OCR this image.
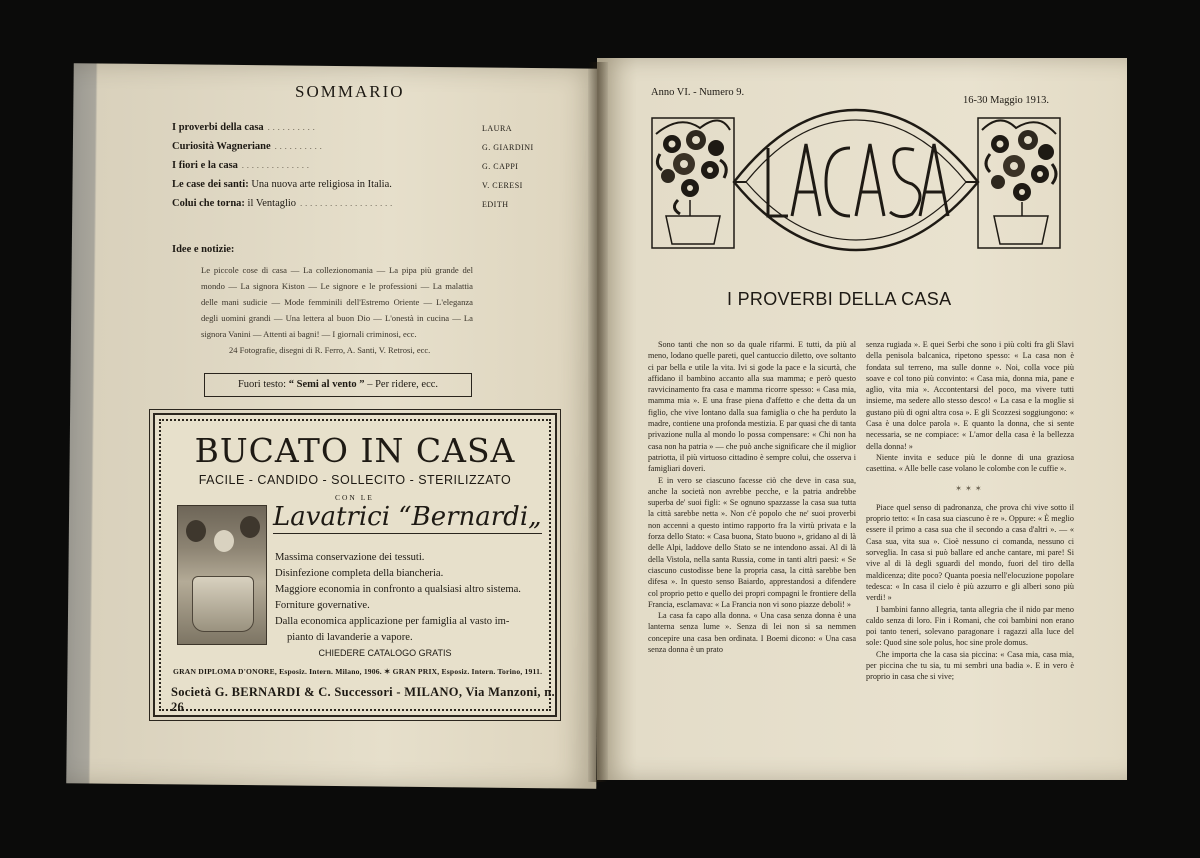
SOMMARIO
I proverbi della casa ..........	LAURA
Curiosità Wagneriane ..........	G. GIARDINI
I fiori e la casa ..............	G. CAPPI
Le case dei santi: Una nuova arte religiosa in Italia.	V. CERESI
Colui che torna: il Ventaglio ...................	EDITH
Idee e notizie:
Le piccole cose di casa — La collezionomania — La pipa più grande del mondo — La signora Kiston — Le signore e le professioni — La malattia delle mani sudicie — Mode femminili dell'Estremo Oriente — L'eleganza degli uomini grandi — Una lettera al buon Dio — L'onestà in cucina — La signora Vanini — Attenti ai bagni! — I giornali criminosi, ecc.
24 Fotografie, disegni di R. Ferro, A. Santi, V. Retrosi, ecc.
Fuori testo: “ Semi al vento ” – Per ridere, ecc.
BUCATO IN CASA
FACILE - CANDIDO - SOLLECITO - STERILIZZATO
CON LE
Lavatrici “Bernardi„
Massima conservazione dei tessuti.
Disinfezione completa della biancheria.
Maggiore economia in confronto a qualsiasi altro sistema.
Forniture governative.
Dalla economica applicazione per famiglia al vasto im-
pianto di lavanderie a vapore.
CHIEDERE CATALOGO GRATIS
GRAN DIPLOMA D'ONORE, Esposiz. Intern. Milano, 1906. ✶ GRAN PRIX, Esposiz. Intern. Torino, 1911.
Società G. BERNARDI & C. Successori - MILANO, Via Manzoni, n. 26
Anno VI. - Numero 9.
16-30 Maggio 1913.
I PROVERBI DELLA CASA

Sono tanti che non so da quale rifarmi. E tutti, da più al meno, lodano quelle pareti, quel cantuccio diletto, ove soltanto ci par bella e utile la vita. Ivi si gode la pace e la sicurtà, che affidano il bambino accanto alla sua mamma; e però questo ravvicinamento fra casa e mamma ricorre spesso: « Casa mia, mamma mia ». E una frase piena d'affetto e che detta da un figlio, che vive lontano dalla sua famiglia o che ha perduto la madre, contiene una profonda mestizia. E par quasi che di tanta privazione nulla al mondo lo possa compensare: « Chi non ha casa non ha patria » — che può anche significare che il miglior patriotta, il più virtuoso cittadino è sempre colui, che osserva i famigliari doveri.

E in vero se ciascuno facesse ciò che deve in casa sua, anche la società non avrebbe pecche, e la patria andrebbe superba de' suoi figli: « Se ognuno spazzasse la casa sua tutta la città sarebbe netta ». Non c'è popolo che ne' suoi proverbi non accenni a questo intimo rapporto fra la virtù privata e la forza dello Stato: « Casa buona, Stato buono », gridano al di là delle Alpi, laddove dello Stato se ne intendono assai. Al di là della Vistola, nella santa Russia, come in tanti altri paesi: « Se ciascuno custodisse bene la propria casa, la città sarebbe ben difesa ». In questo senso Baiardo, apprestandosi a difendere col proprio petto e quello dei propri compagni le frontiere della Francia, esclamava: « La Francia non vi sono piazze deboli! »

La casa fa capo alla donna. « Una casa senza donna è una lanterna senza lume ». Senza di lei non si sa nemmen concepire una casa ben ordinata. I Boemi dicono: « Una casa senza donna è un prato

senza rugiada ». E quei Serbi che sono i più colti fra gli Slavi della penisola balcanica, ripetono spesso: « La casa non è fondata sul terreno, ma sulle donne ». Noi, colla voce più soave e col tono più convinto: « Casa mia, donna mia, pane e aglio, vita mia ». Accontentarsi del poco, ma vivere tutti insieme, ma sedere allo stesso desco! « La casa e la moglie si gustano più di ogni altra cosa ». E gli Scozzesi soggiungono: « Casa è una dolce parola ». E quanto la donna, che si sente necessaria, se ne compiace: « L'amor della casa è la bellezza della donna! »

Niente invita e seduce più le donne di una graziosa casettina. « Alle belle case volano le colombe con le cuffie ».

✶✶✶

Piace quel senso di padronanza, che prova chi vive sotto il proprio tetto: « In casa sua ciascuno è re ». Oppure: « È meglio essere il primo a casa sua che il secondo a casa d'altri ». — « Casa sua, vita sua ». Cioè nessuno ci comanda, nessuno ci sorveglia. In casa si può ballare ed anche cantare, mi pare! Si vive al di là degli sguardi del mondo, fuori del tiro della maldicenza; dite poco? Quanta poesia nell'elocuzione popolare tedesca: « In casa il cielo è più azzurro e gli alberi sono più verdi! »

I bambini fanno allegria, tanta allegria che il nido par meno caldo senza di loro. Fin i Romani, che coi bambini non erano poi tanto teneri, solevano paragonare i ragazzi alla luce del sole: Quod sine sole polus, hoc sine prole domus.

Che importa che la casa sia piccina: « Casa mia, casa mia, per piccina che tu sia, tu mi sembri una badia ». E in vero è proprio in casa che si vive;
